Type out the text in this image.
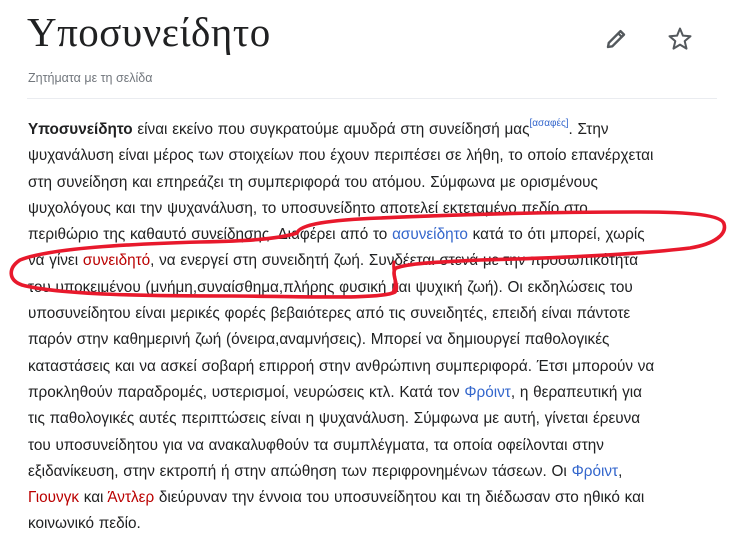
Υποσυνείδητο
Ζητήματα με τη σελίδα
Υποσυνείδητο είναι εκείνο που συγκρατούμε αμυδρά στη συνείδησή μας[ασαφές]. Στην
ψυχανάλυση είναι μέρος των στοιχείων που έχουν περιπέσει σε λήθη, το οποίο επανέρχεται
στη συνείδηση και επηρεάζει τη συμπεριφορά του ατόμου. Σύμφωνα με ορισμένους
ψυχολόγους και την ψυχανάλυση, το υποσυνείδητο αποτελεί εκτεταμένο πεδίο στο
περιθώριο της καθαυτό συνείδησης. Διαφέρει από το ασυνείδητο κατά το ότι μπορεί, χωρίς
να γίνει συνειδητό, να ενεργεί στη συνειδητή ζωή. Συνδέεται στενά με την προσωπικότητα
του υποκειμένου (μνήμη,συναίσθημα,πλήρης φυσική και ψυχική ζωή). Οι εκδηλώσεις του
υποσυνείδητου είναι μερικές φορές βεβαιότερες από τις συνειδητές, επειδή είναι πάντοτε
παρόν στην καθημερινή ζωή (όνειρα,αναμνήσεις). Μπορεί να δημιουργεί παθολογικές
καταστάσεις και να ασκεί σοβαρή επιρροή στην ανθρώπινη συμπεριφορά. Έτσι μπορούν να
προκληθούν παραδρομές, υστερισμοί, νευρώσεις κτλ. Κατά τον Φρόιντ, η θεραπευτική για
τις παθολογικές αυτές περιπτώσεις είναι η ψυχανάλυση. Σύμφωνα με αυτή, γίνεται έρευνα
του υποσυνείδητου για να ανακαλυφθούν τα συμπλέγματα, τα οποία οφείλονται στην
εξιδανίκευση, στην εκτροπή ή στην απώθηση των περιφρονημένων τάσεων. Οι Φρόιντ,
Γιουνγκ και Άντλερ διεύρυναν την έννοια του υποσυνείδητου και τη διέδωσαν στο ηθικό και
κοινωνικό πεδίο.
